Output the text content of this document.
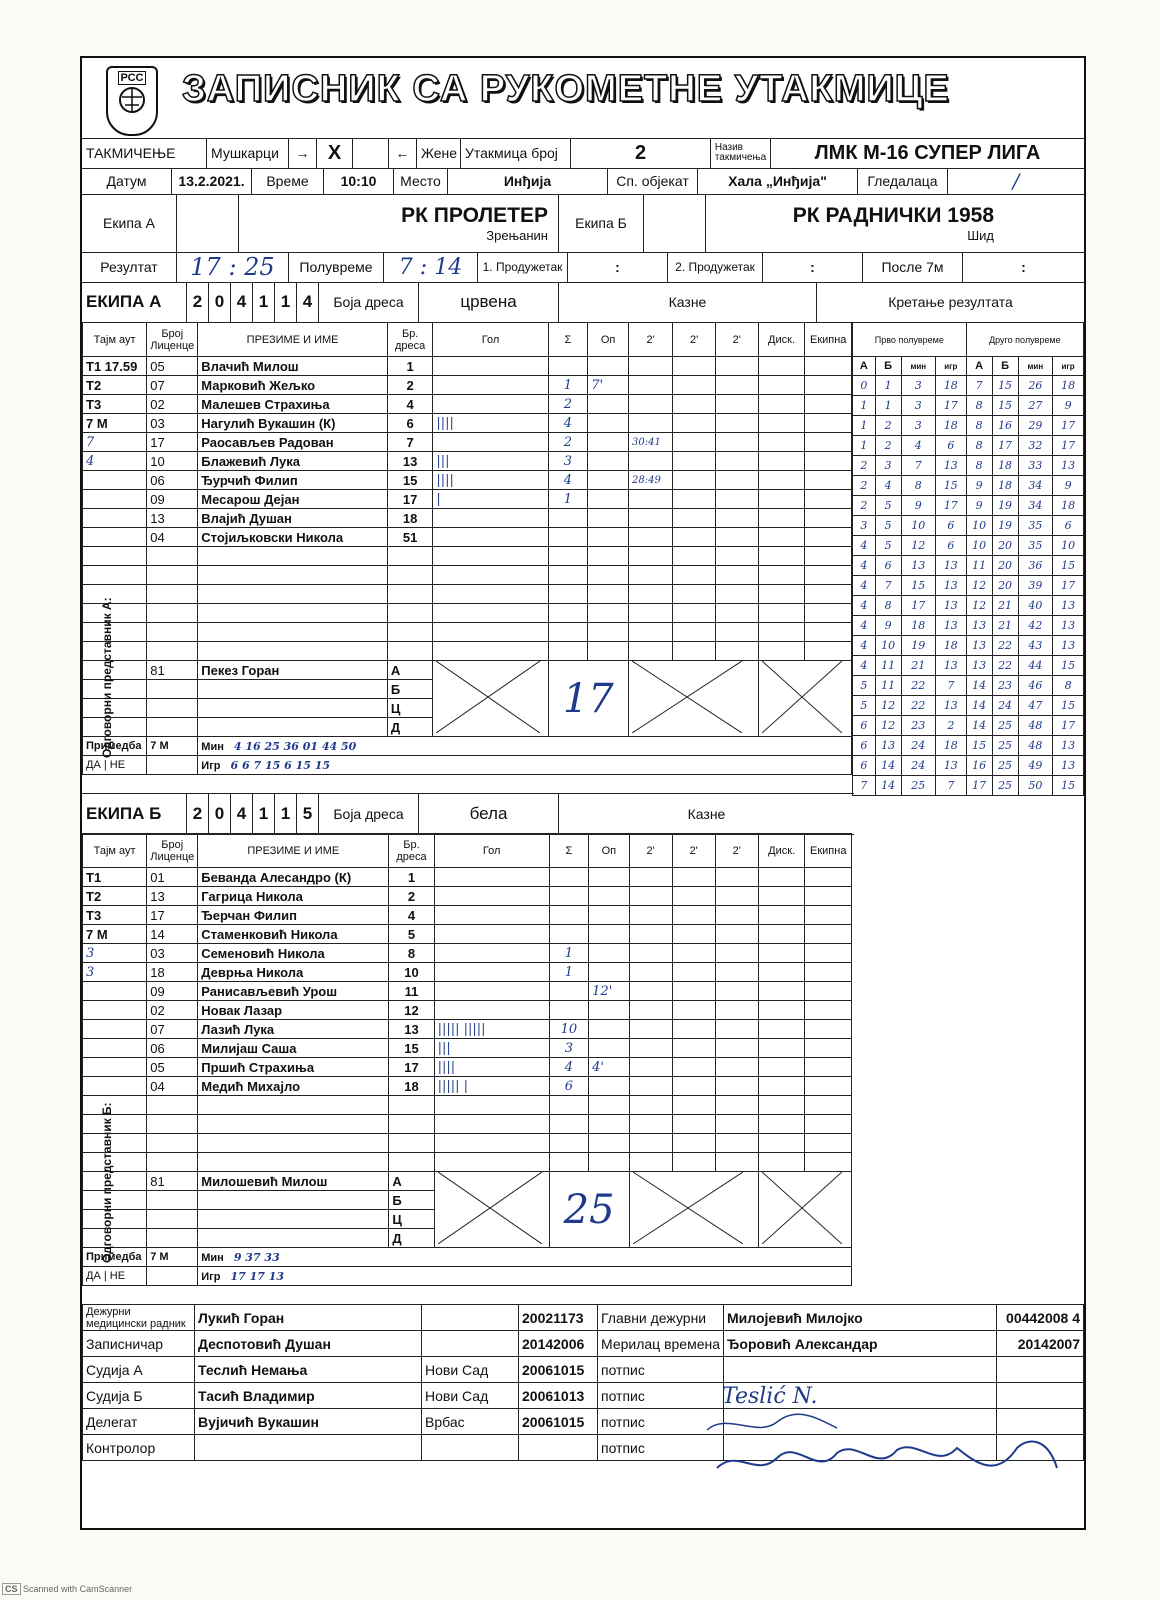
РСС ЗАПИСНИК СА РУКОМЕТНЕ УТАКМИЦЕ
ТАКМИЧЕЊЕ	Мушкарци	→ X	← Жене Утакмица број	2	Назив такмичења	ЛМК М-16 СУПЕР ЛИГА
Датум	13.2.2021.	Време	10:10	Место	Инђија	Сп. објекат	Хала „Инђија"	Гледалаца	/
Екипа А	РК ПРОЛЕТЕР
Зрењанин
Екипа Б	РК РАДНИЧКИ 1958
Шид
Резултат	17 : 25	Полувреме	7 : 14	1. Продужетак	:	2. Продужетак	:	После 7м	:
ЕКИПА А	2 0 4 1 1 4	Боја дреса	црвена	Казне	Кретање резултата
Тајм аут	Број Лиценце	ПРЕЗИМЕ И ИМЕ	Бр. дреса	Гол	Σ	Оп	2'	2'	2'	Диск.	Екипна
Т1 17.59	05	Влачић Милош	1								
Т2	07	Марковић Жељко	2		1	7'					
Т3	02	Малешев Страхиња	4		2						
7 М	03	Нагулић Вукашин (К)	6	||||	4						
7	17	Раосављев Радован	7		2		30:41				
4	10	Блажевић Лука	13	|||	3						
	06	Ђурчић Филип	15	||||	4		28:49				
	09	Месарош Дејан	17	|	1						
	13	Влајић Душан	18								
	04	Стојиљковски Никола	51								

	81	Пекез Горан	А		17		
			Б								
			Ц								
			Д								
Примедба	7 М	Мин 4 16 25 36 01 44 50									
ДА | НЕ		Игр 6 6 7 15 6 15 15									
Одговорни представник А:
Прво полувреме				Друго полувреме			
А	Б	мин	игр	А	Б	мин	игр
0	1	3	18	7	15	26	18
1	1	3	17	8	15	27	9
1	2	3	18	8	16	29	17
1	2	4	6	8	17	32	17
2	3	7	13	8	18	33	13
2	4	8	15	9	18	34	9
2	5	9	17	9	19	34	18
3	5	10	6	10	19	35	6
4	5	12	6	10	20	35	10
4	6	13	13	11	20	36	15
4	7	15	13	12	20	39	17
4	8	17	13	12	21	40	13
4	9	18	13	13	21	42	13
4	10	19	18	13	22	43	13
4	11	21	13	13	22	44	15
5	11	22	7	14	23	46	8
5	12	22	13	14	24	47	15
6	12	23	2	14	25	48	17
6	13	24	18	15	25	48	13
6	14	24	13	16	25	49	13
7	14	25	7	17	25	50	15
ЕКИПА Б	2 0 4 1 1 5	Боја дреса	бела	Казне
Тајм аут	Број Лиценце	ПРЕЗИМЕ И ИМЕ	Бр. дреса	Гол	Σ	Оп	2'	2'	2'	Диск.	Екипна
Т1	01	Беванда Алесандро (К)	1								
Т2	13	Гагрица Никола	2								
Т3	17	Ђерчан Филип	4								
7 М	14	Стаменковић Никола	5								
3	03	Семеновић Никола	8		1						
3	18	Деврња Никола	10		1						
	09	Ранисављевић Урош	11			12'					
	02	Новак Лазар	12								
	07	Лазић Лука	13	||||| |||||	10						
	06	Милијаш Саша	15	|||	3						
	05	Пршић Страхиња	17	||||	4	4'					
	04	Медић Михајло	18	||||| |	6						

	81	Милошевић Милош	А		25		
			Б								
			Ц								
			Д								
Примедба	7 М	Мин 9 37 33									
ДА | НЕ		Игр 17 17 13									
Одговорни представник Б:
Дежурни медицински радник	Лукић Горан		20021173	Главни дежурни	Милојевић Милојко	00442008 4
Записничар	Деспотовић Душан		20142006	Мерилац времена	Ђоровић Александар	20142007
Судија А	Теслић Немања	Нови Сад	20061015	потпис		
Судија Б	Тасић Владимир	Нови Сад	20061013	потпис		
Делегат	Вујичић Вукашин	Врбас	20061015	потпис		
Контролор				потпис		
Teslić N.
CS Scanned with CamScanner
